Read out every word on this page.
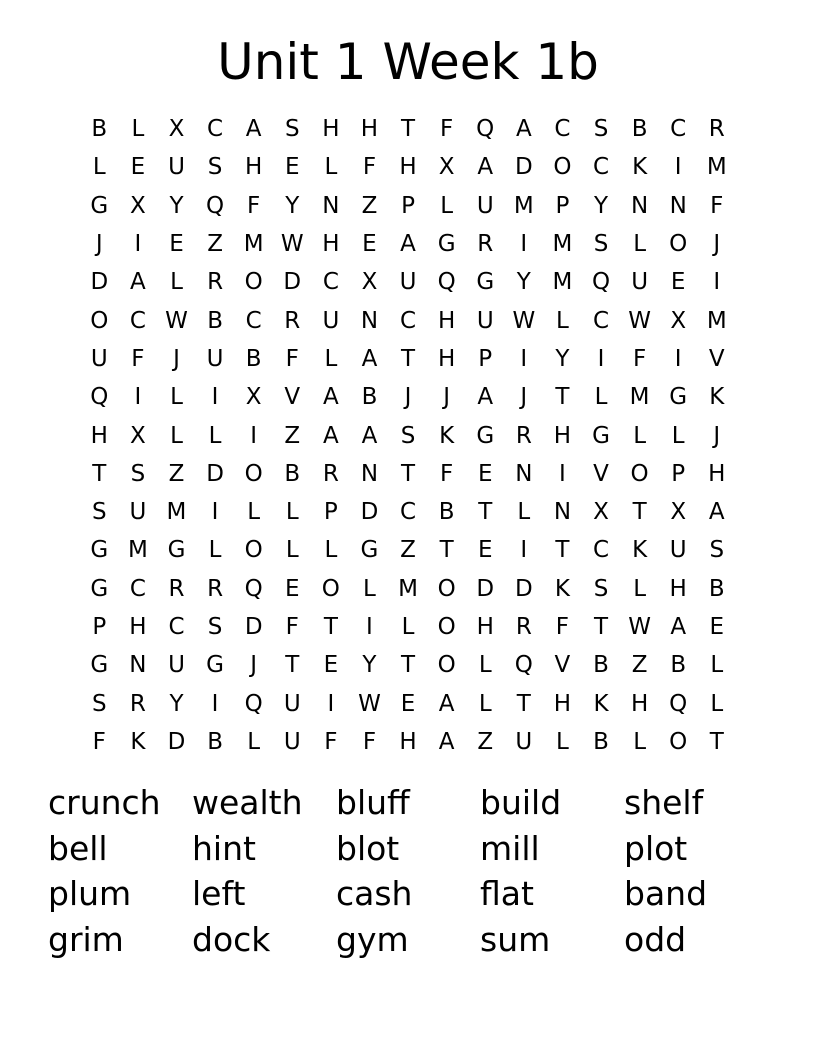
Unit 1 Week 1b
B	L	X C A	S H H T	F Q A C	S	B C R
L	E U S H E	L	F	H X A D O C	K	I	M
G X	Y Q F	Y N Z	P	L	U M P	Y N N	F
J	I	E	Z M W H E	A G R	I	M S	L	O	J
D A	L	R O D C X U Q G Y M Q U E	I
O C W B C R U N C H U W L	C W X M
U	F	J	U B	F	L	A	T H	P	I	Y	I	F	I	V
Q	I	L	I	X V A B	J	J	A	J	T	L M G K
H X	L	L	I	Z A A	S	K G R H G	L	L	J
T	S	Z D O B R N T	F	E N	I	V O P	H
S U M	I	L	L	P D C B	T	L	N X	T	X A
G M G	L	O	L	L	G Z	T	E	I	T	C	K U S
G C R R Q E O	L M O D D K	S	L	H B
P	H C	S D	F	T	I	L	O H R	F	T W A	E
G N U G	J	T	E	Y	T O	L	Q V B Z B	L
S	R	Y	I	Q U	I	W E	A	L	T H K H Q	L
F	K D B	L	U	F	F	H A Z U	L	B	L	O T
crunch wealth	bluff	build	shelf
bell	hint	blot	mill	plot
plum	left	cash	flat	band
grim	dock	gym	sum	odd
